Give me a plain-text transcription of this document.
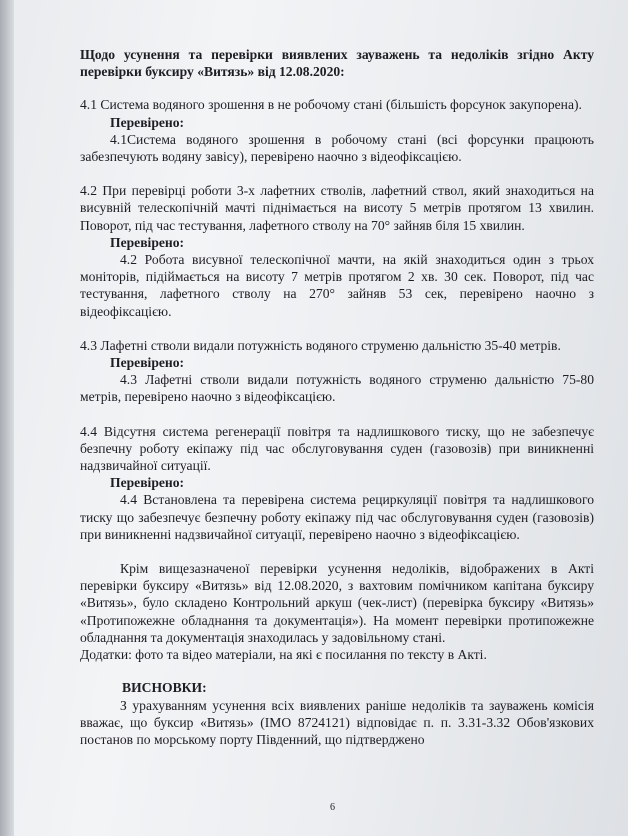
Щодо усунення та перевірки виявлених зауважень та недоліків згідно Акту перевірки буксиру «Витязь» від 12.08.2020:

4.1 Система водяного зрошення в не робочому стані (більшість форсунок закупорена).

Перевірено:

4.1Система водяного зрошення в робочому стані (всі форсунки працюють забезпечують водяну завісу), перевірено наочно з відеофіксацією.

4.2 При перевірці роботи 3-х лафетних стволів, лафетний ствол, який знаходиться на висувній телескопічній мачті піднімається на висоту 5 метрів протягом 13 хвилин. Поворот, під час тестування, лафетного стволу на 70° зайняв біля 15 хвилин.

Перевірено:

4.2 Робота висувної телескопічної мачти, на якій знаходиться один з трьох моніторів, підіймається на висоту 7 метрів протягом 2 хв. 30 сек. Поворот, під час тестування, лафетного стволу на 270° зайняв 53 сек, перевірено наочно з відеофіксацією.

4.3 Лафетні стволи видали потужність водяного струменю дальністю 35-40 метрів.

Перевірено:

4.3 Лафетні стволи видали потужність водяного струменю дальністю 75-80 метрів, перевірено наочно з відеофіксацією.

4.4 Відсутня система регенерації повітря та надлишкового тиску, що не забезпечує безпечну роботу екіпажу під час обслуговування суден (газовозів) при виникненні надзвичайної ситуації.

Перевірено:

4.4 Встановлена та перевірена система рециркуляції повітря та надлишкового тиску що забезпечує безпечну роботу екіпажу під час обслуговування суден (газовозів) при виникненні надзвичайної ситуації, перевірено наочно з відеофіксацією.

Крім вищезазначеної перевірки усунення недоліків, відображених в Акті перевірки буксиру «Витязь» від 12.08.2020, з вахтовим помічником капітана буксиру «Витязь», було складено Контрольний аркуш (чек-лист) (перевірка буксиру «Витязь» «Протипожежне обладнання та документація»). На момент перевірки протипожежне обладнання та документація знаходилась у задовільному стані.

Додатки: фото та відео матеріали, на які є посилання по тексту в Акті.

ВИСНОВКИ:

З урахуванням усунення всіх виявлених раніше недоліків та зауважень комісія вважає, що буксир «Витязь» (IMO 8724121) відповідає п. п. 3.31-3.32 Обов'язкових постанов по морському порту Південний, що підтверджено

6
